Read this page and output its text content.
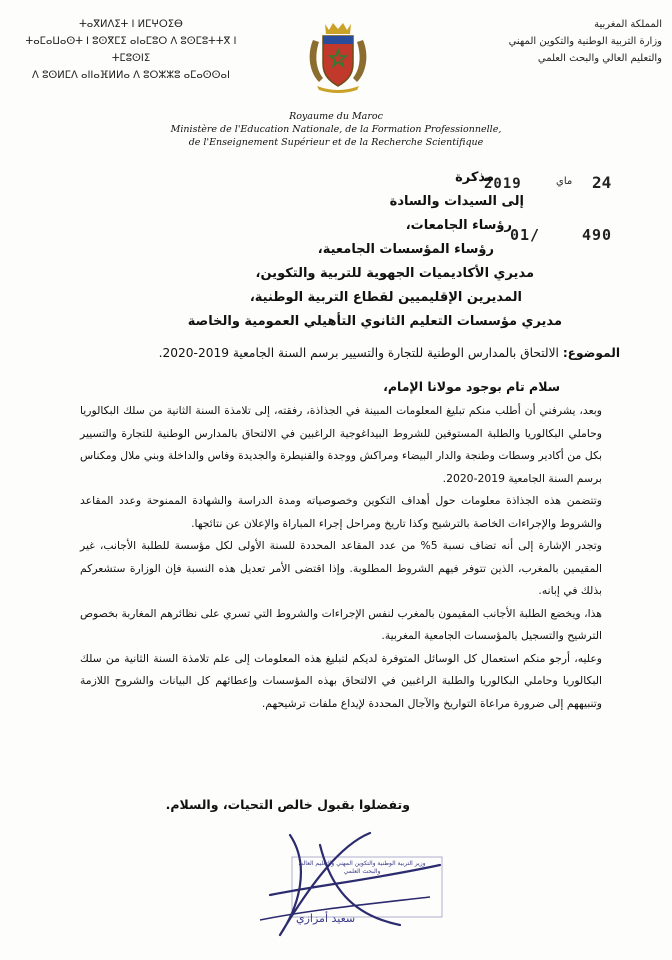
ⵜⴰⴳⵍⴷⵉⵜ ⵏ ⵍⵎⵖⵔⵉⴱ
ⵜⴰⵎⴰⵡⴰⵙⵜ ⵏ ⵓⵙⴳⵎⵉ ⴰⵏⴰⵎⵓⵔ ⴷ ⵓⵙⵎⵓⵜⵜⴳ ⵏ ⵜⵎⵓⵙⵏⵉ
ⴷ ⵓⵙⵍⵎⴷ ⴰⵏⵏⴰⴼⵍⵍⴰ ⴷ ⵓⵔⵣⵣⵓ ⴰⵎⴰⵙⵙⴰⵏ
المملكة المغربية
وزارة التربية الوطنية والتكوين المهني
والتعليم العالي والبحث العلمي
Royaume du Maroc
Ministère de l'Education Nationale, de la Formation Professionnelle,
de l'Enseignement Supérieur et de la Recherche Scientifique
2019	ماي 24
01/	490
مذكرة
إلى السيدات والسادة
رؤساء الجامعات،
رؤساء المؤسسات الجامعية،
مديري الأكاديميات الجهوية للتربية والتكوين،
المديرين الإقليميين لقطاع التربية الوطنية،
مديري مؤسسات التعليم الثانوي التأهيلي العمومية والخاصة
الموضوع: الالتحاق بالمدارس الوطنية للتجارة والتسيير برسم السنة الجامعية 2019-2020.
سلام تام بوجود مولانا الإمام،

وبعد، يشرفني أن أطلب منكم تبليغ المعلومات المبينة في الجذاذة، رفقته، إلى تلامذة السنة الثانية من سلك البكالوريا وحاملي البكالوريا والطلبة المستوفين للشروط البيداغوجية الراغبين في الالتحاق بالمدارس الوطنية للتجارة والتسيير بكل من أكادير وسطات وطنجة والدار البيضاء ومراكش ووجدة والقنيطرة والجديدة وفاس والداخلة وبني ملال ومكناس برسم السنة الجامعية 2019-2020.

وتتضمن هذه الجذاذة معلومات حول أهداف التكوين وخصوصياته ومدة الدراسة والشهادة الممنوحة وعدد المقاعد والشروط والإجراءات الخاصة بالترشيح وكذا تاريخ ومراحل إجراء المباراة والإعلان عن نتائجها.

وتجدر الإشارة إلى أنه تضاف نسبة 5% من عدد المقاعد المحددة للسنة الأولى لكل مؤسسة للطلبة الأجانب، غير المقيمين بالمغرب، الذين تتوفر فيهم الشروط المطلوبة. وإذا اقتضى الأمر تعديل هذه النسبة فإن الوزارة ستشعركم بذلك في إبانه.

هذا، ويخضع الطلبة الأجانب المقيمون بالمغرب لنفس الإجراءات والشروط التي تسري على نظائرهم المغاربة بخصوص الترشيح والتسجيل بالمؤسسات الجامعية المغربية.

وعليه، أرجو منكم استعمال كل الوسائل المتوفرة لديكم لتبليغ هذه المعلومات إلى علم تلامذة السنة الثانية من سلك البكالوريا وحاملي البكالوريا والطلبة الراغبين في الالتحاق بهذه المؤسسات وإعطائهم كل البيانات والشروح اللازمة وتنبيههم إلى ضرورة مراعاة التواريخ والآجال المحددة لإيداع ملفات ترشيحهم.

وتفضلوا بقبول خالص التحيات، والسلام.
وزير التربية الوطنية والتكوين المهني والتعليم العالي
والبحث العلمي
سعيد أمزازي
